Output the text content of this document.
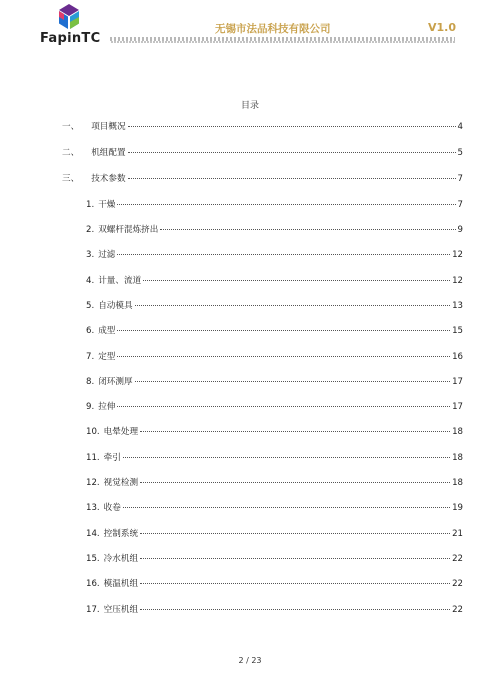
FapinTC
无锡市法品科技有限公司	V1.0
目录
一、 项目概况	4
二、 机组配置	5
三、 技术参数	7
1. 干燥	7
2. 双螺杆混炼挤出	9
3. 过滤	12
4. 计量、流道	12
5. 自动模具	13
6. 成型	15
7. 定型	16
8. 闭环测厚	17
9. 拉伸	17
10. 电晕处理	18
11. 牵引	18
12. 视觉检测	18
13. 收卷	19
14. 控制系统	21
15. 冷水机组	22
16. 模温机组	22
17. 空压机组	22
2 / 23
